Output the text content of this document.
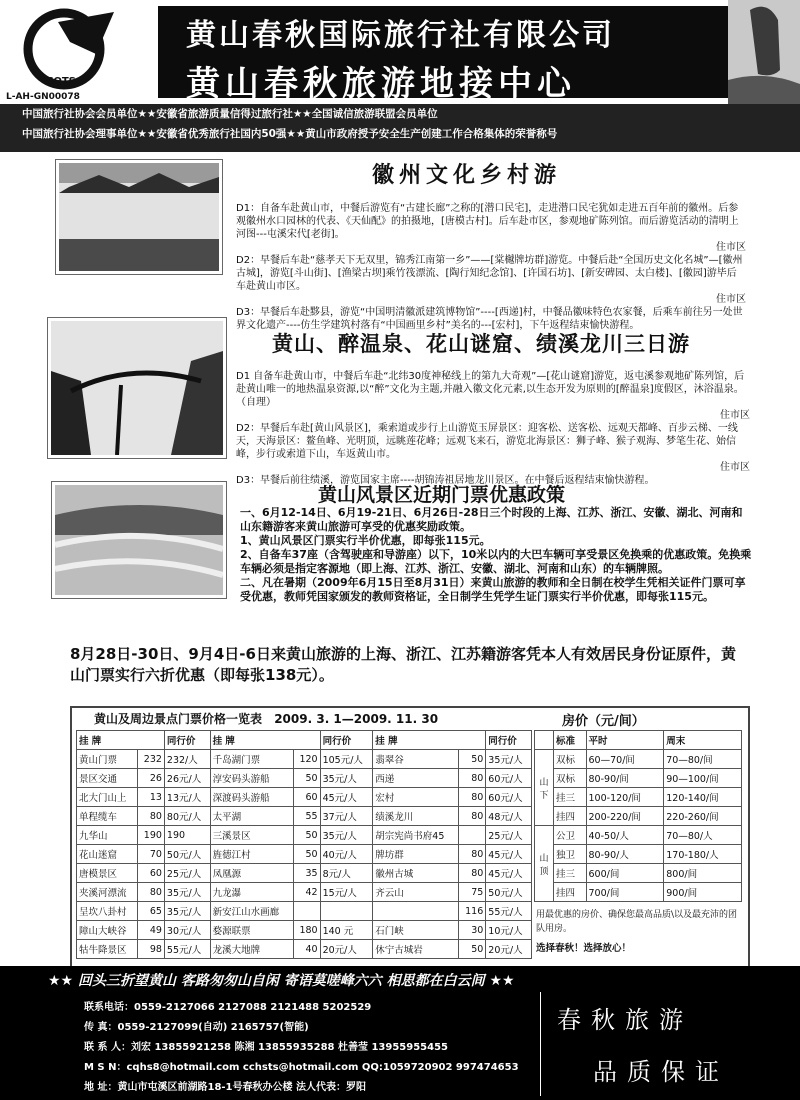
CQTS
L-AH-GN00078
黄山春秋国际旅行社有限公司
黄山春秋旅游地接中心
中国旅行社协会会员单位★★安徽省旅游质量信得过旅行社★★全国诚信旅游联盟会员单位
中国旅行社协会理事单位★★安徽省优秀旅行社国内50强★★黄山市政府授予安全生产创建工作合格集体的荣誉称号
徽州文化乡村游

D1：自备车赴黄山市，中餐后游览有“古建长廊”之称的[潜口民宅]，走进潜口民宅犹如走进五百年前的徽州。后参观徽州水口园林的代表、《天仙配》的拍摄地，[唐模古村]。后车赴市区，参观地矿陈列馆。而后游览活动的清明上河图---屯溪宋代[老街]。

住市区

D2：早餐后车赴“慈孝天下无双里，锦秀江南第一乡”——[棠樾牌坊群]游览。中餐后赴“全国历史文化名城”—[徽州古城]，游览[斗山街]、[渔梁古坝]乘竹筏漂流、[陶行知纪念馆]、[许国石坊]、[新安碑园、太白楼]、[徽园]游毕后车赴黄山市区。

住市区

D3：早餐后车赴黟县，游览“中国明清徽派建筑博物馆”----[西递]村，中餐品徽味特色农家餐，后乘车前往另一处世界文化遗产----仿生学建筑村落有“中国画里乡村”美名的---[宏村]，下午返程结束愉快游程。

黄山、醉温泉、花山谜窟、绩溪龙川三日游

D1 自备车赴黄山市，中餐后车赴“北纬30度神秘线上的第九大奇观”—[花山谜窟]游览，返屯溪参观地矿陈列馆，后赴黄山唯一的地热温泉资源,以“醉”文化为主题,并融入徽文化元素,以生态开发为原则的[醉温泉]度假区，沐浴温泉。（自理）

住市区

D2：早餐后车赴[黄山风景区]，乘索道或步行上山游览玉屏景区：迎客松、送客松、远观天都峰、百步云梯、一线天，天海景区：鳌鱼峰、光明顶，远眺莲花峰；远观飞来石，游览北海景区：狮子峰、猴子观海、梦笔生花、始信峰，步行或索道下山，车返黄山市。

住市区

D3：早餐后前往绩溪，游览国家主席----胡锦涛祖居地龙川景区。在中餐后返程结束愉快游程。

黄山风景区近期门票优惠政策

一、6月12-14日、6月19-21日、6月26日-28日三个时段的上海、江苏、浙江、安徽、湖北、河南和山东籍游客来黄山旅游可享受的优惠奖励政策。

1、黄山风景区门票实行半价优惠，即每张115元。

2、自备车37座（含驾驶座和导游座）以下，10米以内的大巴车辆可享受景区免换乘的优惠政策。免换乘车辆必须是指定客源地（即上海、江苏、浙江、安徽、湖北、河南和山东）的车辆牌照。

二、凡在暑期（2009年6月15日至8月31日）来黄山旅游的教师和全日制在校学生凭相关证件门票可享受优惠，教师凭国家颁发的教师资格证，全日制学生凭学生证门票实行半价优惠，即每张115元。

8月28日-30日、9月4日-6日来黄山旅游的上海、浙江、江苏籍游客凭本人有效居民身份证原件，黄山门票实行六折优惠（即每张138元）。
黄山及周边景点门票价格一览表 2009. 3. 1—2009. 11. 30	房价（元/间）
挂 牌		同行价	挂 牌		同行价	挂 牌		同行价
黄山门票	232	232/人	千岛湖门票	120	105元/人	翡翠谷	50	35元/人
景区交通	26	26元/人	淳安码头游船	50	35元/人	西递	80	60元/人
北大门山上	13	13元/人	深渡码头游船	60	45元/人	宏村	80	60元/人
单程缆车	80	80元/人	太平湖	55	37元/人	绩溪龙川	80	48元/人
九华山	190	190	三溪景区	50	35元/人	胡宗宪尚书府45		25元/人
花山迷窟	70	50元/人	旌德江村	50	40元/人	牌坊群	80	45元/人
唐模景区	60	25元/人	凤凰源	35	8元/人	徽州古城	80	45元/人
夹溪河漂流	80	35元/人	九龙瀑	42	15元/人	齐云山	75	50元/人
呈坎八卦村	65	35元/人	新安江山水画廊				116	55元/人
障山大峡谷	49	30元/人	婺源联票	180	140 元	石门峡	30	10元/人
牯牛降景区	98	55元/人	龙溪大地牌	40	20元/人	休宁古城岩	50	20元/人
	标准	平时	周末
山下	双标	60—70/间	70—80/间
	双标	80-90/间	90—100/间
	挂三	100-120/间	120-140/间
	挂四	200-220/间	220-260/间
山顶	公卫	40-50/人	70—80/人
	独卫	80-90/人	170-180/人
	挂三	600/间	800/间
	挂四	700/间	900/间
用最优惠的房价、确保您最高品质\以及最充沛的团队用房。
选择春秋！选择放心！
★★ 回头三折望黄山 客路匆匆山自闲 寄语莫嗟峰六六 相思都在白云间 ★★
联系电话：0559-2127066 2127088 2121488 5202529
传 真：0559-2127099(自动) 2165757(智能)
联 系 人：刘宏 13855921258 陈湘 13855935288 杜善莹 13955955455
M S N：cqhs8@hotmail.com cchsts@hotmail.com QQ:1059720902 997474653
地 址：黄山市屯溪区前湖路18-1号春秋办公楼 法人代表：罗阳
春秋旅游
品质保证
